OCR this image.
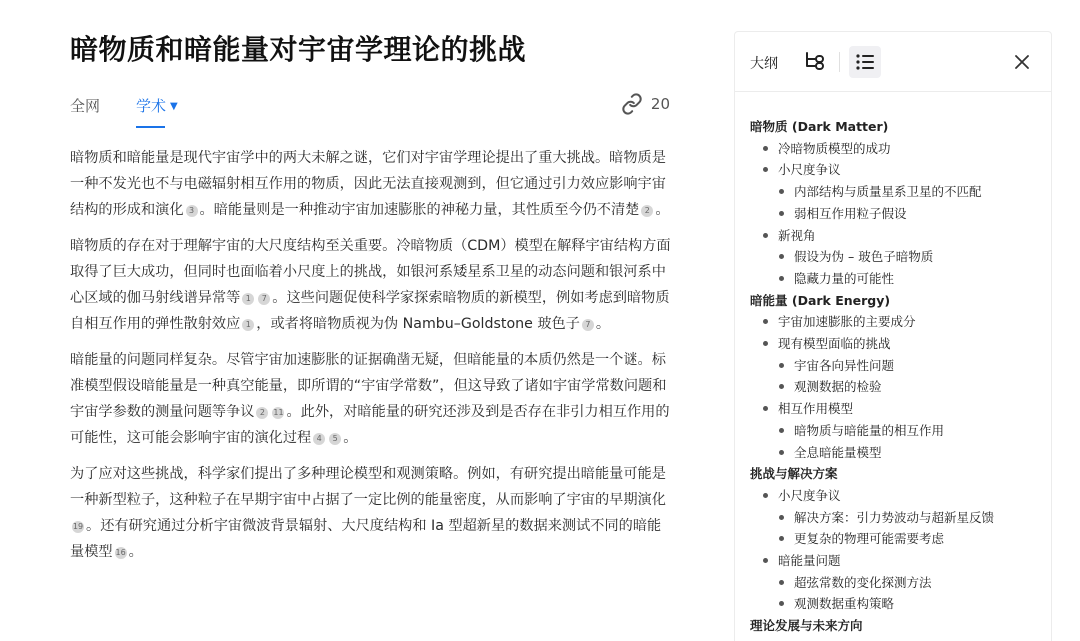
暗物质和暗能量对宇宙学理论的挑战
全网 学术 ▼	20

暗物质和暗能量是现代宇宙学中的两大未解之谜，它们对宇宙学理论提出了重大挑战。暗物质是一种不发光也不与电磁辐射相互作用的物质，因此无法直接观测到，但它通过引力效应影响宇宙结构的形成和演化 3 。暗能量则是一种推动宇宙加速膨胀的神秘力量，其性质至今仍不清楚 2 。

暗物质的存在对于理解宇宙的大尺度结构至关重要。冷暗物质（CDM）模型在解释宇宙结构方面取得了巨大成功，但同时也面临着小尺度上的挑战，如银河系矮星系卫星的动态问题和银河系中心区域的伽马射线谱异常等 1 7 。这些问题促使科学家探索暗物质的新模型，例如考虑到暗物质自相互作用的弹性散射效应 1 ，或者将暗物质视为伪 Nambu–Goldstone 玻色子 7 。

暗能量的问题同样复杂。尽管宇宙加速膨胀的证据确凿无疑，但暗能量的本质仍然是一个谜。标准模型假设暗能量是一种真空能量，即所谓的“宇宙学常数”，但这导致了诸如宇宙学常数问题和宇宙学参数的测量问题等争议 2 11 。此外，对暗能量的研究还涉及到是否存在非引力相互作用的可能性，这可能会影响宇宙的演化过程 4 5 。

为了应对这些挑战，科学家们提出了多种理论模型和观测策略。例如，有研究提出暗能量可能是一种新型粒子，这种粒子在早期宇宙中占据了一定比例的能量密度，从而影响了宇宙的早期演化19 。还有研究通过分析宇宙微波背景辐射、大尺度结构和 Ia 型超新星的数据来测试不同的暗能量模型 16 。

大纲
暗物质 (Dark Matter)
冷暗物质模型的成功
小尺度争议
内部结构与质量星系卫星的不匹配
弱相互作用粒子假设
新视角
假设为伪 – 玻色子暗物质
隐藏力量的可能性
暗能量 (Dark Energy)
宇宙加速膨胀的主要成分
现有模型面临的挑战
宇宙各向异性问题
观测数据的检验
相互作用模型
暗物质与暗能量的相互作用
全息暗能量模型
挑战与解决方案
小尺度争议
解决方案：引力势波动与超新星反馈
更复杂的物理可能需要考虑
暗能量问题
超弦常数的变化探测方法
观测数据重构策略
理论发展与未来方向
